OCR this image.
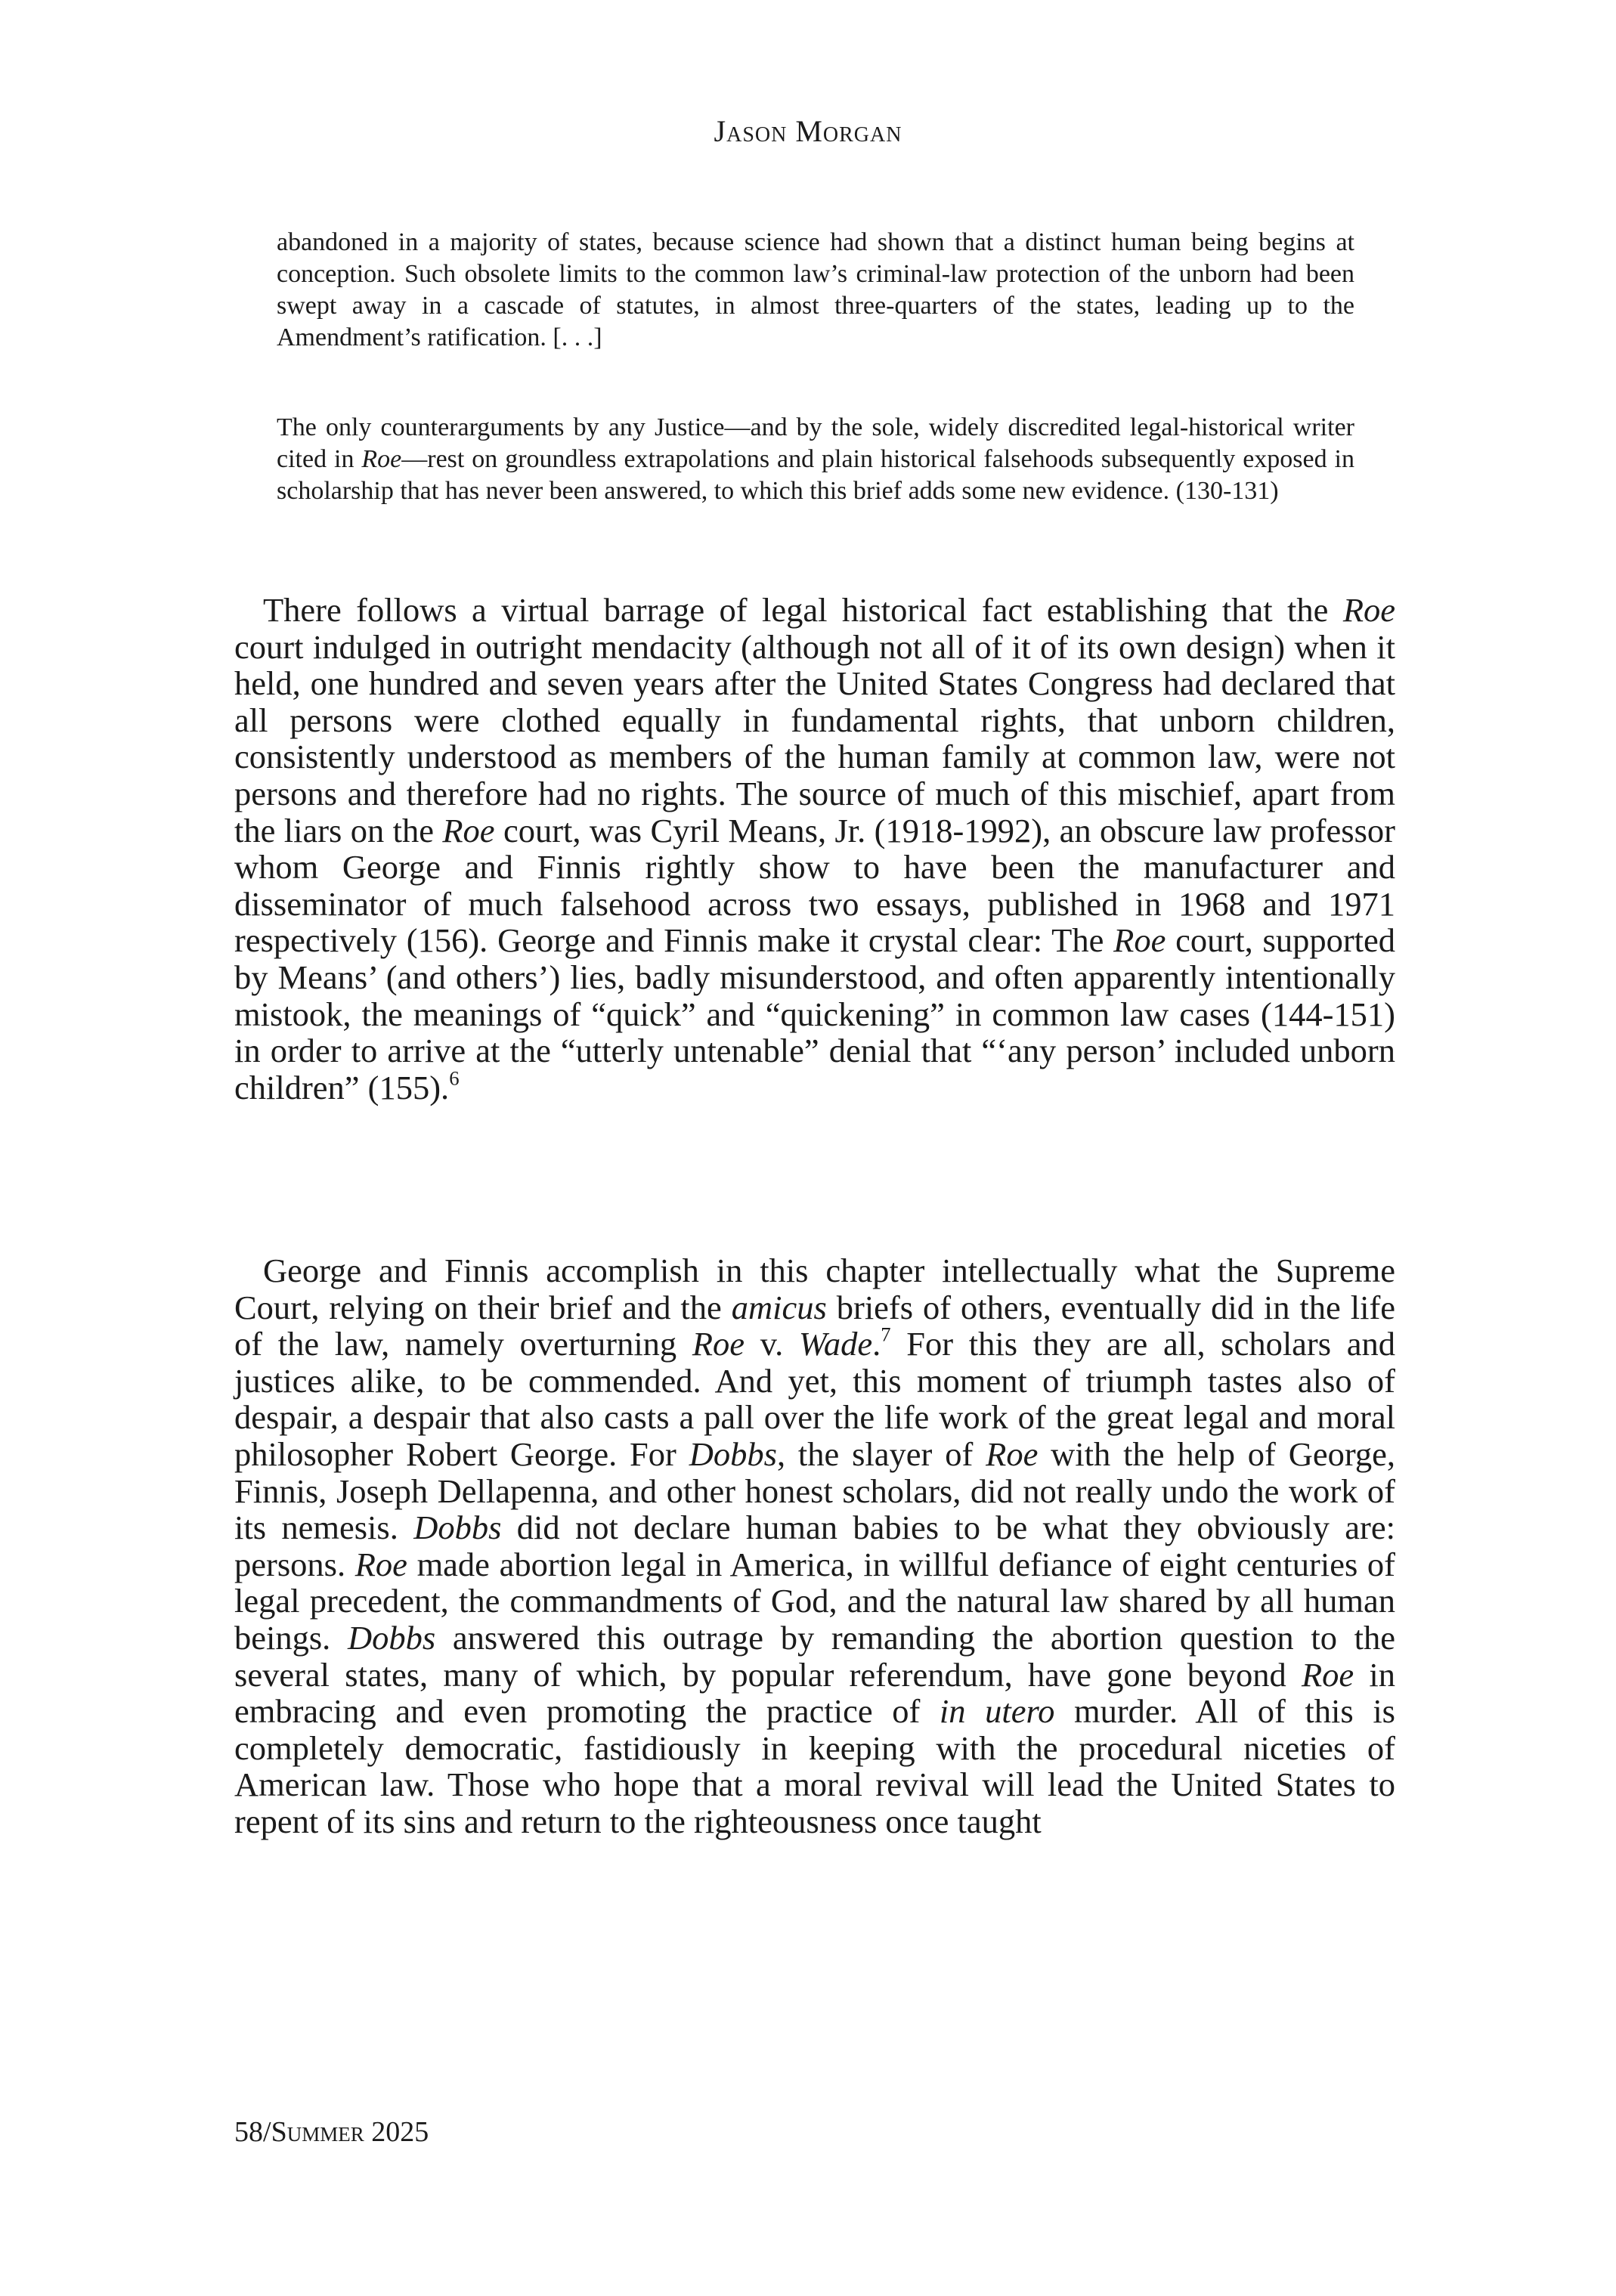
Jason Morgan
abandoned in a majority of states, because science had shown that a distinct human being begins at conception. Such obsolete limits to the common law’s criminal-law protection of the unborn had been swept away in a cascade of statutes, in almost three-quarters of the states, leading up to the Amendment’s ratification. [. . .]
The only counterarguments by any Justice—and by the sole, widely discredited legal-historical writer cited in Roe—rest on groundless extrapolations and plain historical falsehoods subsequently exposed in scholarship that has never been answered, to which this brief adds some new evidence. (130-131)
There follows a virtual barrage of legal historical fact establishing that the Roe court indulged in outright mendacity (although not all of it of its own design) when it held, one hundred and seven years after the United States Congress had declared that all persons were clothed equally in fundamental rights, that unborn children, consistently understood as members of the human family at common law, were not persons and therefore had no rights. The source of much of this mischief, apart from the liars on the Roe court, was Cyril Means, Jr. (1918-1992), an obscure law professor whom George and Finnis rightly show to have been the manufacturer and disseminator of much falsehood across two essays, published in 1968 and 1971 respectively (156). George and Finnis make it crystal clear: The Roe court, supported by Means’ (and others’) lies, badly misunderstood, and often apparently intentionally mistook, the meanings of “quick” and “quickening” in common law cases (144-151) in order to arrive at the “utterly untenable” denial that “‘any person’ included unborn children” (155).$^6$
George and Finnis accomplish in this chapter intellectually what the Supreme Court, relying on their brief and the amicus briefs of others, eventually did in the life of the law, namely overturning Roe v. Wade.$^7$ For this they are all, scholars and justices alike, to be commended. And yet, this moment of triumph tastes also of despair, a despair that also casts a pall over the life work of the great legal and moral philosopher Robert George. For Dobbs, the slayer of Roe with the help of George, Finnis, Joseph Dellapenna, and other honest scholars, did not really undo the work of its nemesis. Dobbs did not declare human babies to be what they obviously are: persons. Roe made abortion legal in America, in willful defiance of eight centuries of legal precedent, the commandments of God, and the natural law shared by all human beings. Dobbs answered this outrage by remanding the abortion question to the several states, many of which, by popular referendum, have gone beyond Roe in embracing and even promoting the practice of in utero murder. All of this is completely democratic, fastidiously in keeping with the procedural niceties of American law. Those who hope that a moral revival will lead the United States to repent of its sins and return to the righteousness once taught
58/Summer 2025
